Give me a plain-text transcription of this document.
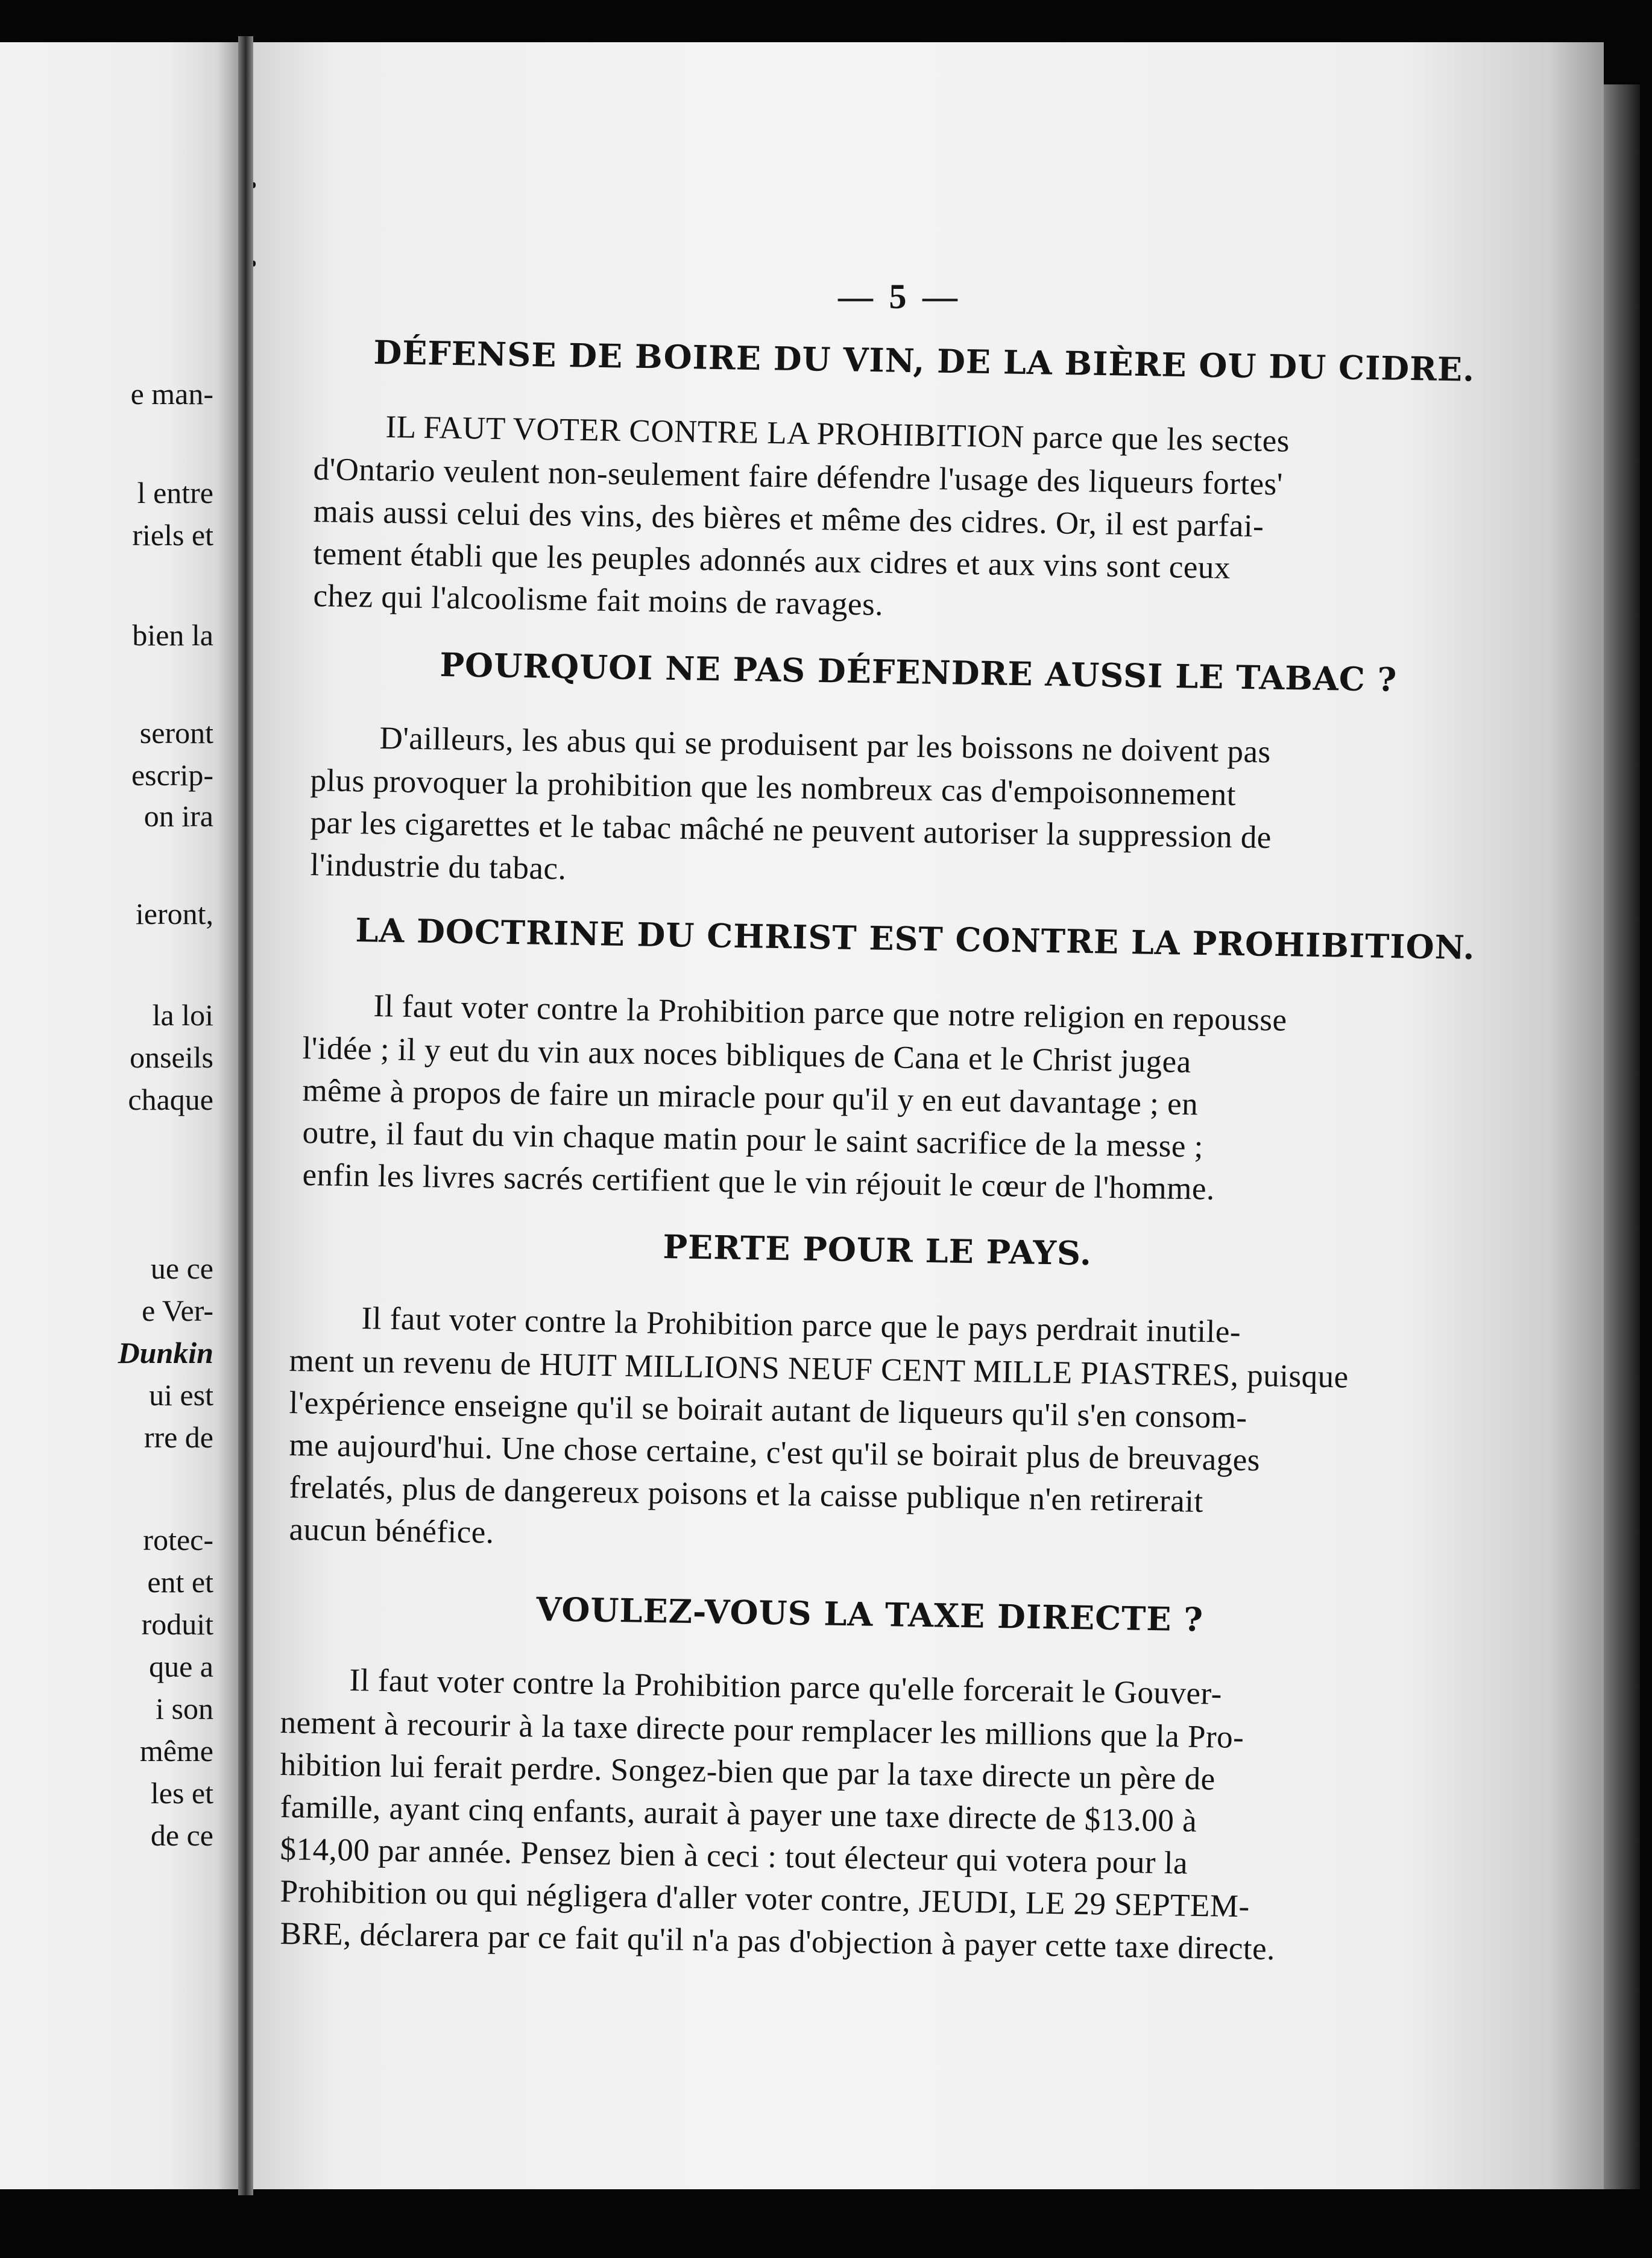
e man-

l entre

riels et

bien la

seront

escrip-

on ira

ieront,

la loi

onseils

chaque

ue ce

e Ver-

Dunkin

ui est

rre de

rotec-

ent et

roduit

que a

i son

même

les et

de ce

— 5 —

DÉFENSE DE BOIRE DU VIN, DE LA BIÈRE OU DU CIDRE.

IL FAUT VOTER CONTRE LA PROHIBITION parce que les sectes

d'Ontario veulent non-seulement faire défendre l'usage des liqueurs fortes'

mais aussi celui des vins, des bières et même des cidres. Or, il est parfai-

tement établi que les peuples adonnés aux cidres et aux vins sont ceux

chez qui l'alcoolisme fait moins de ravages.

POURQUOI NE PAS DÉFENDRE AUSSI LE TABAC ?

D'ailleurs, les abus qui se produisent par les boissons ne doivent pas

plus provoquer la prohibition que les nombreux cas d'empoisonnement

par les cigarettes et le tabac mâché ne peuvent autoriser la suppression de

l'industrie du tabac.

LA DOCTRINE DU CHRIST EST CONTRE LA PROHIBITION.

Il faut voter contre la Prohibition parce que notre religion en repousse

l'idée ; il y eut du vin aux noces bibliques de Cana et le Christ jugea

même à propos de faire un miracle pour qu'il y en eut davantage ; en

outre, il faut du vin chaque matin pour le saint sacrifice de la messe ;

enfin les livres sacrés certifient que le vin réjouit le cœur de l'homme.

PERTE POUR LE PAYS.

Il faut voter contre la Prohibition parce que le pays perdrait inutile-

ment un revenu de HUIT MILLIONS NEUF CENT MILLE PIASTRES, puisque

l'expérience enseigne qu'il se boirait autant de liqueurs qu'il s'en consom-

me aujourd'hui. Une chose certaine, c'est qu'il se boirait plus de breuvages

frelatés, plus de dangereux poisons et la caisse publique n'en retirerait

aucun bénéfice.

VOULEZ-VOUS LA TAXE DIRECTE ?

Il faut voter contre la Prohibition parce qu'elle forcerait le Gouver-

nement à recourir à la taxe directe pour remplacer les millions que la Pro-

hibition lui ferait perdre. Songez-bien que par la taxe directe un père de

famille, ayant cinq enfants, aurait à payer une taxe directe de $13.00 à

$14,00 par année. Pensez bien à ceci : tout électeur qui votera pour la

Prohibition ou qui négligera d'aller voter contre, JEUDI, LE 29 SEPTEM-

BRE, déclarera par ce fait qu'il n'a pas d'objection à payer cette taxe directe.
